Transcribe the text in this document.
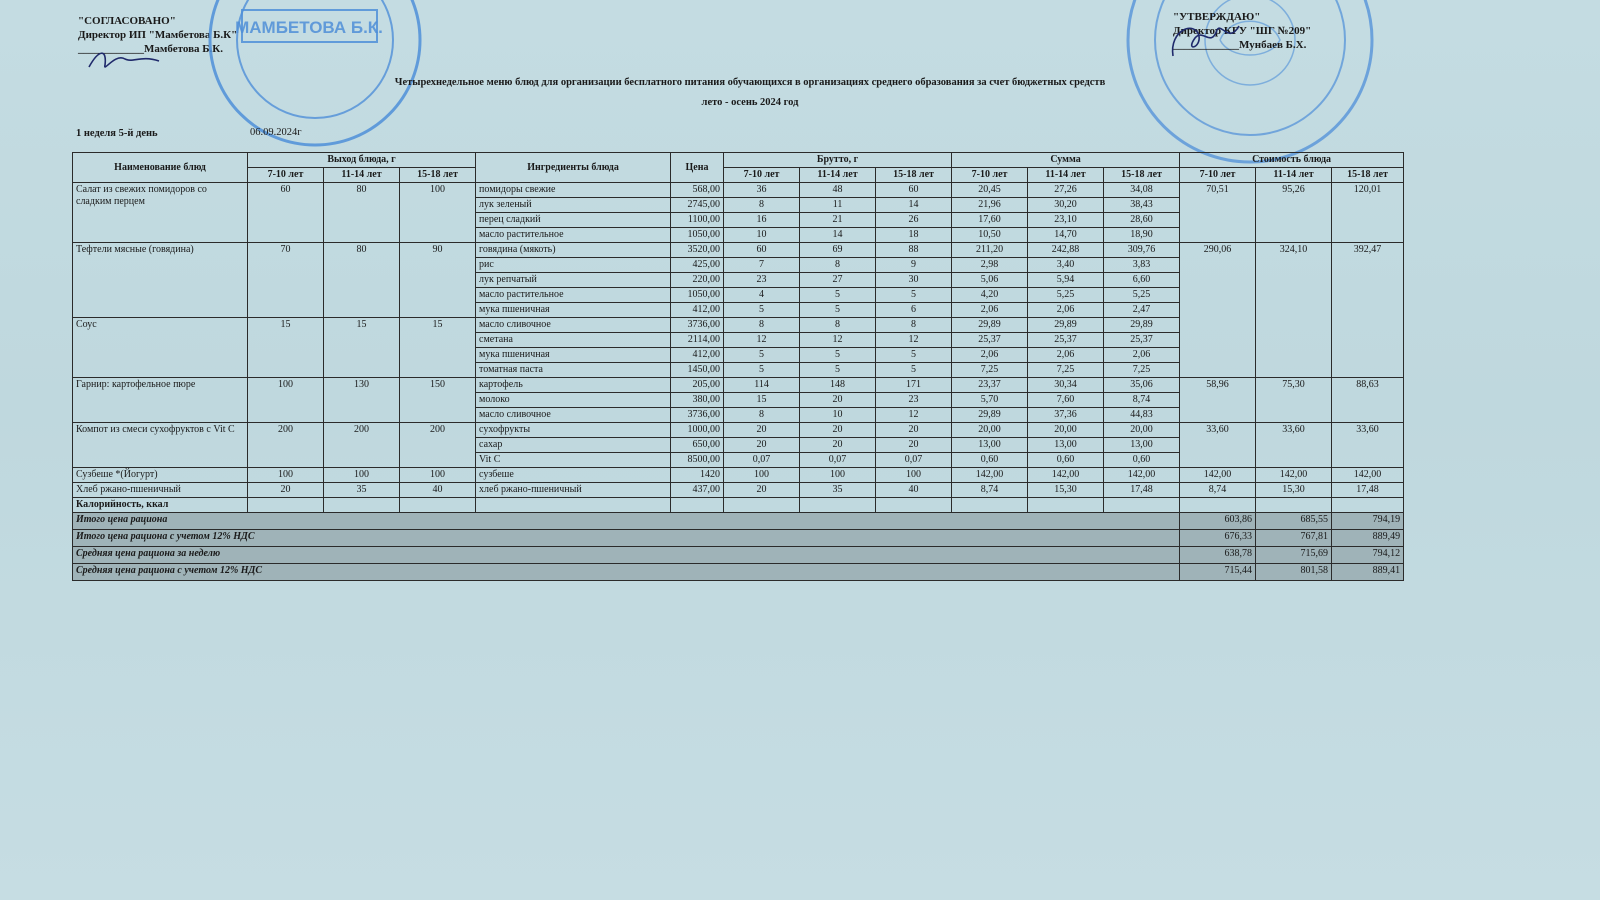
"СОГЛАСОВАНО"
Директор ИП "Мамбетова Б.К"
____________Мамбетова Б.К.
МАМБЕТОВА Б.К.
"УТВЕРЖДАЮ"
Директор КГУ "ШГ №209"
____________Мунбаев Б.Х.
Четырехнедельное меню блюд для организации бесплатного питания обучающихся в организациях среднего образования за счет бюджетных средств
лето - осень 2024 год
1 неделя 5-й день	06.09.2024г
Наименование блюд	Выход блюда, г			Ингредиенты блюда	Цена	Брутто, г			Сумма			Стоимость блюда		
	7-10 лет	11-14 лет	15-18 лет			7-10 лет	11-14 лет	15-18 лет	7-10 лет	11-14 лет	15-18 лет	7-10 лет	11-14 лет	15-18 лет
Салат из свежих помидоров со сладким перцем	60	80	100	помидоры свежие	568,00	36	48	60	20,45	27,26	34,08	70,51	95,26	120,01
				лук зеленый	2745,00	8	11	14	21,96	30,20	38,43			
				перец сладкий	1100,00	16	21	26	17,60	23,10	28,60			
				масло растительное	1050,00	10	14	18	10,50	14,70	18,90			
Тефтели мясные (говядина)	70	80	90	говядина (мякоть)	3520,00	60	69	88	211,20	242,88	309,76	290,06	324,10	392,47
				рис	425,00	7	8	9	2,98	3,40	3,83			
				лук репчатый	220,00	23	27	30	5,06	5,94	6,60			
				масло растительное	1050,00	4	5	5	4,20	5,25	5,25			
				мука пшеничная	412,00	5	5	6	2,06	2,06	2,47			
Соус	15	15	15	масло сливочное	3736,00	8	8	8	29,89	29,89	29,89			
				сметана	2114,00	12	12	12	25,37	25,37	25,37			
				мука пшеничная	412,00	5	5	5	2,06	2,06	2,06			
				томатная паста	1450,00	5	5	5	7,25	7,25	7,25			
Гарнир: картофельное пюре	100	130	150	картофель	205,00	114	148	171	23,37	30,34	35,06	58,96	75,30	88,63
				молоко	380,00	15	20	23	5,70	7,60	8,74			
				масло сливочное	3736,00	8	10	12	29,89	37,36	44,83			
Компот из смеси сухофруктов с Vit С	200	200	200	сухофрукты	1000,00	20	20	20	20,00	20,00	20,00	33,60	33,60	33,60
				сахар	650,00	20	20	20	13,00	13,00	13,00			
				Vit C	8500,00	0,07	0,07	0,07	0,60	0,60	0,60			
Сузбеше *(Йогурт)	100	100	100	сузбеше	1420	100	100	100	142,00	142,00	142,00	142,00	142,00	142,00
Хлеб ржано-пшеничный	20	35	40	хлеб ржано-пшеничный	437,00	20	35	40	8,74	15,30	17,48	8,74	15,30	17,48
Калорийность, ккал														
Итого цена рациона												603,86	685,55	794,19
Итого цена рациона с учетом 12% НДС												676,33	767,81	889,49
Средняя цена рациона за неделю												638,78	715,69	794,12
Средняя цена рациона с учетом 12% НДС												715,44	801,58	889,41
